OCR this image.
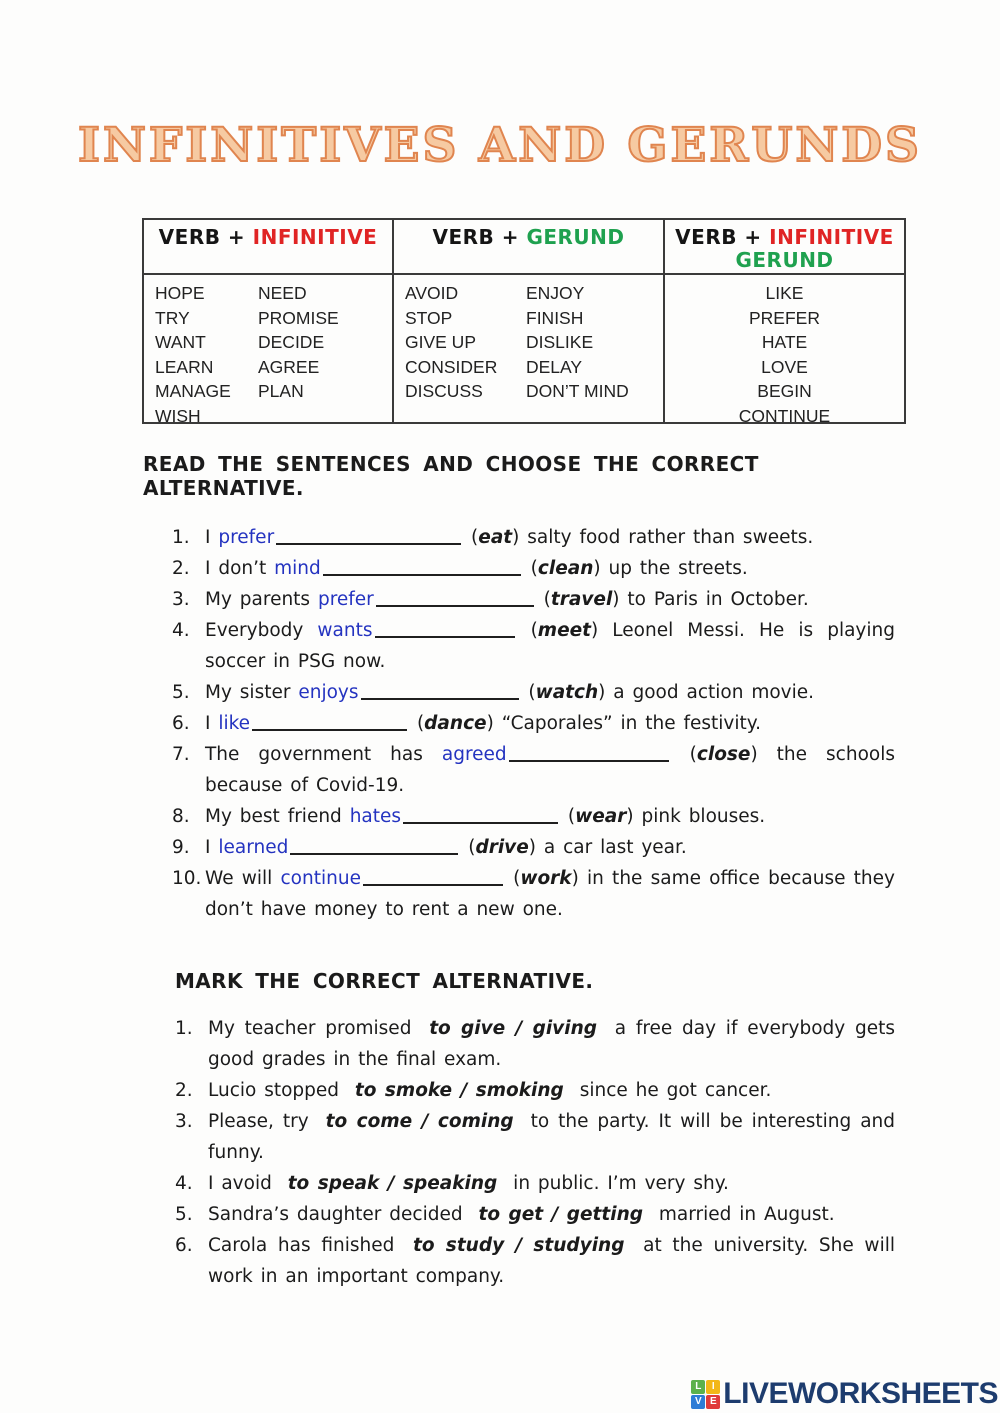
INFINITIVES AND GERUNDS
VERB + INFINITIVE
HOPE	NEED
TRY	PROMISE
WANT	DECIDE
LEARN	AGREE
MANAGE	PLAN
WISH
VERB + GERUND
AVOID	ENJOY
STOP	FINISH
GIVE UP	DISLIKE
CONSIDER	DELAY
DISCUSS	DON’T MIND
VERB + INFINITIVE
GERUND
LIKE
PREFER
HATE
LOVE
BEGIN
CONTINUE
READ THE SENTENCES AND CHOOSE THE CORRECT ALTERNATIVE.
1. I prefer	(eat) salty food rather than sweets.
2. I don’t mind	(clean) up the streets.
3. My parents prefer	(travel) to Paris in October.
4. Everybody wants	(meet) Leonel Messi. He is playing soccer in PSG now.
5. My sister enjoys	(watch) a good action movie.
6. I like	(dance) “Caporales” in the festivity.
7. The government has agreed	(close) the schools because of Covid-19.
8. My best friend hates	(wear) pink blouses.
9. I learned	(drive) a car last year.
10. We will continue	(work) in the same office because they don’t have money to rent a new one.
MARK THE CORRECT ALTERNATIVE.
1. My teacher promised to give / giving a free day if everybody gets good grades in the final exam.
2. Lucio stopped to smoke / smoking since he got cancer.
3. Please, try to come / coming to the party. It will be interesting and funny.
4. I avoid to speak / speaking in public. I’m very shy.
5. Sandra’s daughter decided to get / getting married in August.
6. Carola has finished to study / studying at the university. She will work in an important company.
L	I
V E LIVEWORKSHEETS
